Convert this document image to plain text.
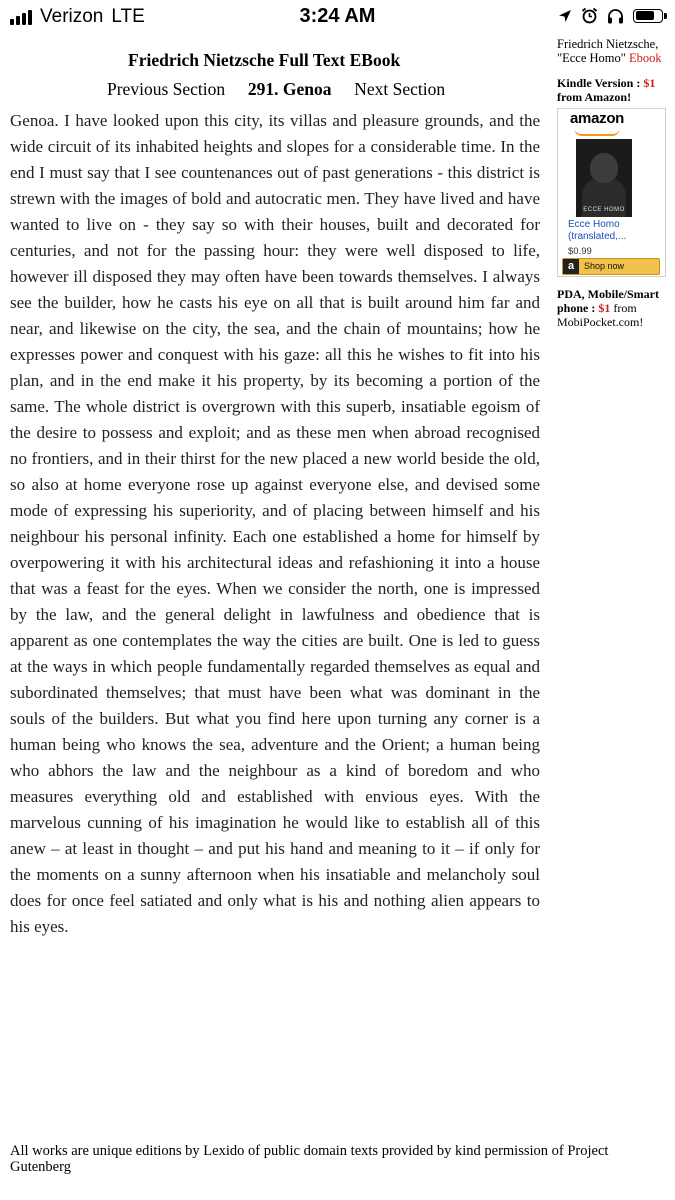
Verizon LTE	3:24 AM
Friedrich Nietzsche Full Text EBook
Previous Section 291. Genoa Next Section

Genoa. I have looked upon this city, its villas and pleasure grounds, and the wide circuit of its inhabited heights and slopes for a considerable time. In the end I must say that I see countenances out of past generations - this district is strewn with the images of bold and autocratic men. They have lived and have wanted to live on - they say so with their houses, built and decorated for centuries, and not for the passing hour: they were well disposed to life, however ill disposed they may often have been towards themselves. I always see the builder, how he casts his eye on all that is built around him far and near, and likewise on the city, the sea, and the chain of mountains; how he expresses power and conquest with his gaze: all this he wishes to fit into his plan, and in the end make it his property, by its becoming a portion of the same. The whole district is overgrown with this superb, insatiable egoism of the desire to possess and exploit; and as these men when abroad recognised no frontiers, and in their thirst for the new placed a new world beside the old, so also at home everyone rose up against everyone else, and devised some mode of expressing his superiority, and of placing between himself and his neighbour his personal infinity. Each one established a home for himself by overpowering it with his architectural ideas and refashioning it into a house that was a feast for the eyes. When we consider the north, one is impressed by the law, and the general delight in lawfulness and obedience that is apparent as one contemplates the way the cities are built. One is led to guess at the ways in which people fundamentally regarded themselves as equal and subordinated themselves; that must have been what was dominant in the souls of the builders. But what you find here upon turning any corner is a human being who knows the sea, adventure and the Orient; a human being who abhors the law and the neighbour as a kind of boredom and who measures everything old and established with envious eyes. With the marvelous cunning of his imagination he would like to establish all of this anew – at least in thought – and put his hand and meaning to it – if only for the moments on a sunny afternoon when his insatiable and melancholy soul does for once feel satiated and only what is his and nothing alien appears to his eyes.

Friedrich Nietzsche,
"Ecce Homo" Ebook
Kindle Version : $1
from Amazon!
amazon
ECCE HOMO
Ecce Homo (translated,...
$0.99
a	Shop now
PDA, Mobile/Smart phone : $1 from MobiPocket.com!
All works are unique editions by Lexido of public domain texts provided by kind permission of Project Gutenberg
